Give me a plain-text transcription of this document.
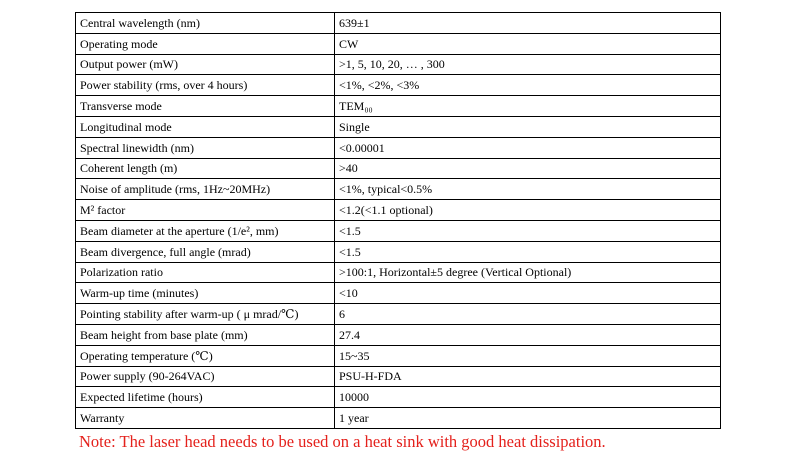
Central wavelength (nm)	639±1
Operating mode	CW
Output power (mW)	>1, 5, 10, 20, … , 300
Power stability (rms, over 4 hours)	<1%, <2%, <3%
Transverse mode	TEM₀₀
Longitudinal mode	Single
Spectral linewidth (nm)	<0.00001
Coherent length (m)	>40
Noise of amplitude (rms, 1Hz~20MHz)	<1%, typical<0.5%
M² factor	<1.2(<1.1 optional)
Beam diameter at the aperture (1/e², mm)	<1.5
Beam divergence, full angle (mrad)	<1.5
Polarization ratio	>100:1, Horizontal±5 degree (Vertical Optional)
Warm-up time (minutes)	<10
Pointing stability after warm-up ( μ mrad/℃)	6
Beam height from base plate (mm)	27.4
Operating temperature (℃)	15~35
Power supply (90-264VAC)	PSU-H-FDA
Expected lifetime (hours)	10000
Warranty	1 year
Note: The laser head needs to be used on a heat sink with good heat dissipation.
